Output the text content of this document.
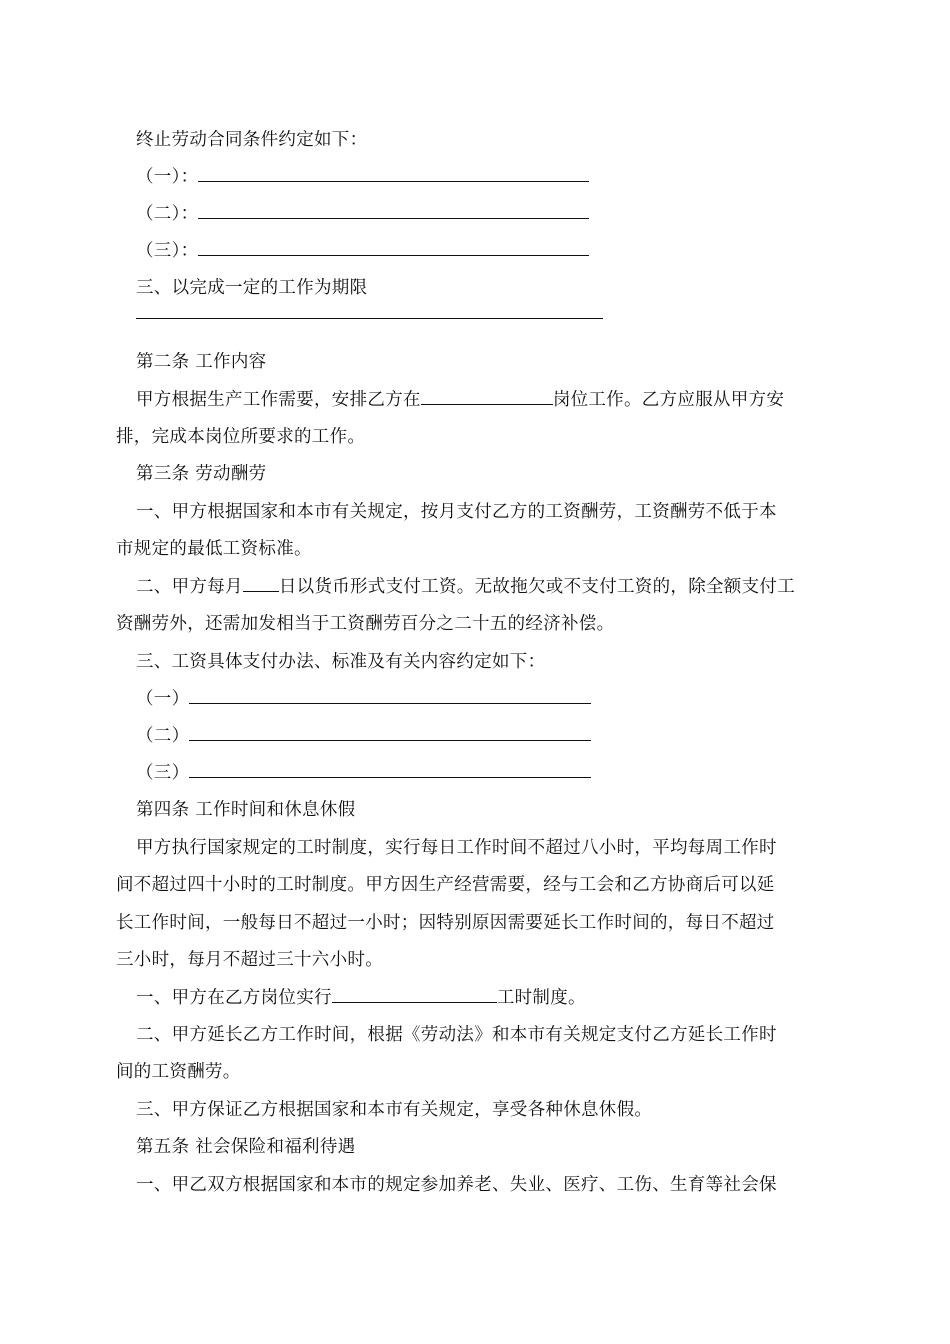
终止劳动合同条件约定如下：
（一）：
（二）：
（三）：
三、以完成一定的工作为期限
第二条 工作内容
甲方根据生产工作需要，安排乙方在	岗位工作。乙方应服从甲方安
排，完成本岗位所要求的工作。
第三条 劳动酬劳
一、甲方根据国家和本市有关规定，按月支付乙方的工资酬劳，工资酬劳不低于本
市规定的最低工资标准。
二、甲方每月 日以货币形式支付工资。无故拖欠或不支付工资的，除全额支付工
资酬劳外，还需加发相当于工资酬劳百分之二十五的经济补偿。
三、工资具体支付办法、标准及有关内容约定如下：
（一）
（二）
（三）
第四条 工作时间和休息休假
甲方执行国家规定的工时制度，实行每日工作时间不超过八小时，平均每周工作时
间不超过四十小时的工时制度。甲方因生产经营需要，经与工会和乙方协商后可以延
长工作时间，一般每日不超过一小时；因特别原因需要延长工作时间的，每日不超过
三小时，每月不超过三十六小时。
一、甲方在乙方岗位实行	工时制度。
二、甲方延长乙方工作时间，根据《劳动法》和本市有关规定支付乙方延长工作时
间的工资酬劳。
三、甲方保证乙方根据国家和本市有关规定，享受各种休息休假。
第五条 社会保险和福利待遇
一、甲乙双方根据国家和本市的规定参加养老、失业、医疗、工伤、生育等社会保
